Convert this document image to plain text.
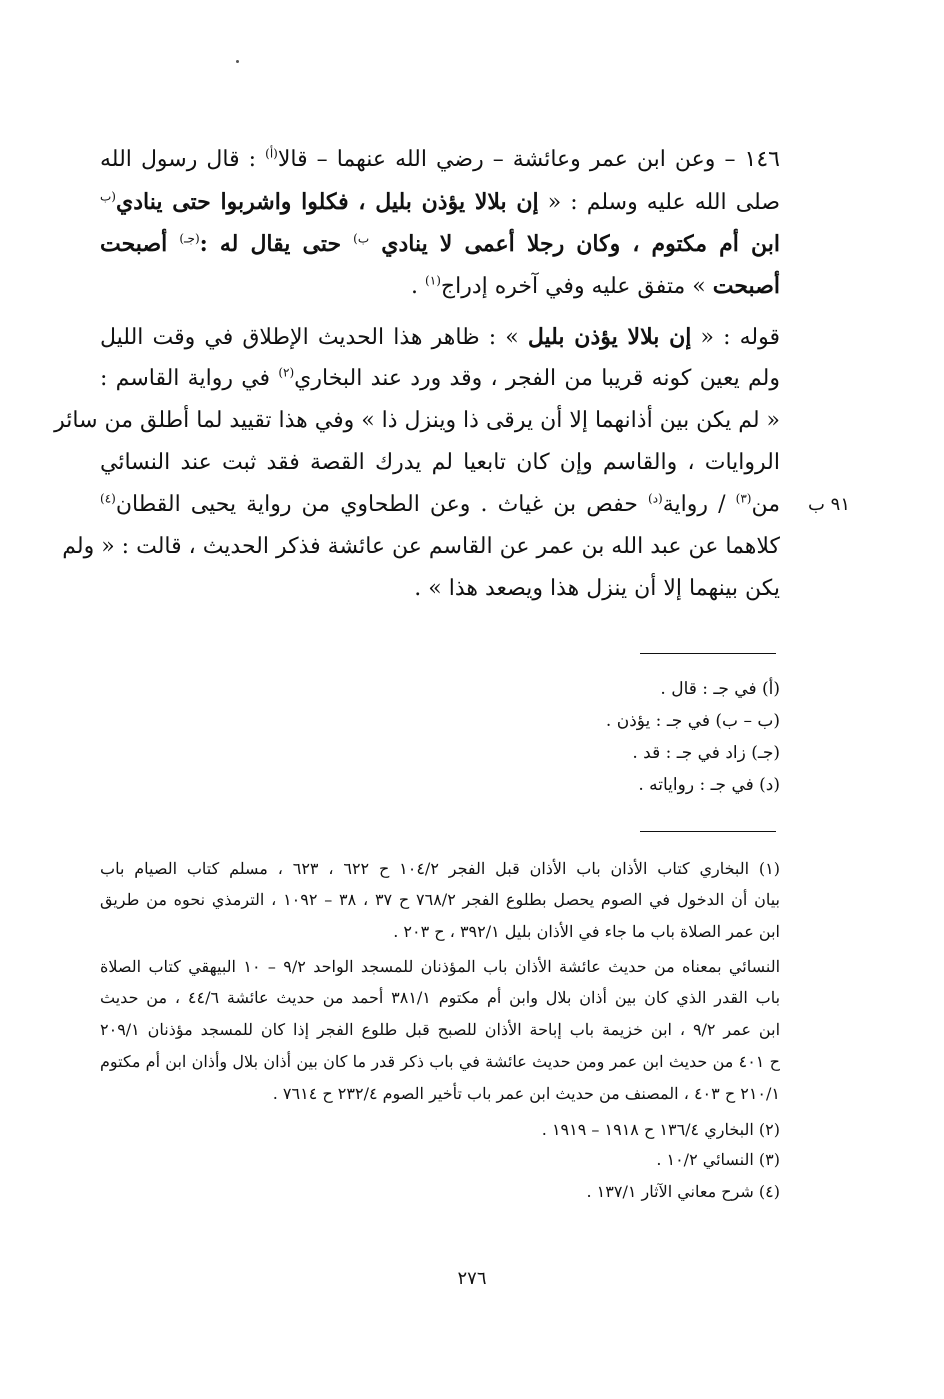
١٤٦ – وعن ابن عمر وعائشة – رضي الله عنهما – قالا$^{(أ)}$ : قال رسول الله
صلى الله عليه وسلم : « إن بلالا يؤذن بليل ، فكلوا واشربوا حتى ينادي$^{(ب}$
ابن أم مكتوم ، وكان رجلا أعمى لا ينادي $^{ب)}$ حتى يقال له :$^{(جـ)}$ أصبحت
أصبحت » متفق عليه وفي آخره إدراج$^{(١)}$ .
قوله : « إن بلالا يؤذن بليل » : ظاهر هذا الحديث الإطلاق في وقت الليل
ولم يعين كونه قريبا من الفجر ، وقد ورد عند البخاري$^{(٢)}$ في رواية القاسم :
« لم يكن بين أذانهما إلا أن يرقى ذا وينزل ذا » وفي هذا تقييد لما أطلق من سائر
الروايات ، والقاسم وإن كان تابعيا لم يدرك القصة فقد ثبت عند النسائي
من$^{(٣)}$ / رواية$^{(د)}$ حفص بن غياث . وعن الطحاوي من رواية يحيى القطان$^{(٤)}$
كلاهما عن عبد الله بن عمر عن القاسم عن عائشة فذكر الحديث ، قالت : « ولم
يكن بينهما إلا أن ينزل هذا ويصعد هذا » .
٩١ ب
(أ) في جـ : قال .
(ب – ب) في جـ : يؤذن .
(جـ) زاد في جـ : قد .
(د) في جـ : رواياته .
(١) البخاري كتاب الأذان باب الأذان قبل الفجر ١٠٤/٢ ح ٦٢٢ ، ٦٢٣ ، مسلم كتاب الصيام باب
بيان أن الدخول في الصوم يحصل بطلوع الفجر ٧٦٨/٢ ح ٣٧ ، ٣٨ – ١٠٩٢ ، الترمذي نحوه من طريق
ابن عمر الصلاة باب ما جاء في الأذان بليل ٣٩٢/١ ، ح ٢٠٣ .
النسائي بمعناه من حديث عائشة الأذان باب المؤذنان للمسجد الواحد ٩/٢ – ١٠ البيهقي كتاب الصلاة
باب القدر الذي كان بين أذان بلال وابن أم مكتوم ٣٨١/١ أحمد من حديث عائشة ٤٤/٦ ، من حديث
ابن عمر ٩/٢ ، ابن خزيمة باب إباحة الأذان للصبح قبل طلوع الفجر إذا كان للمسجد مؤذنان ٢٠٩/١
ح ٤٠١ من حديث ابن عمر ومن حديث عائشة في باب ذكر قدر ما كان بين أذان بلال وأذان ابن أم مكتوم
٢١٠/١ ح ٤٠٣ ، المصنف من حديث ابن عمر باب تأخير الصوم ٢٣٢/٤ ح ٧٦١٤ .
(٢) البخاري ١٣٦/٤ ح ١٩١٨ – ١٩١٩ .
(٣) النسائي ١٠/٢ .
(٤) شرح معاني الآثار ١٣٧/١ .
٢٧٦
